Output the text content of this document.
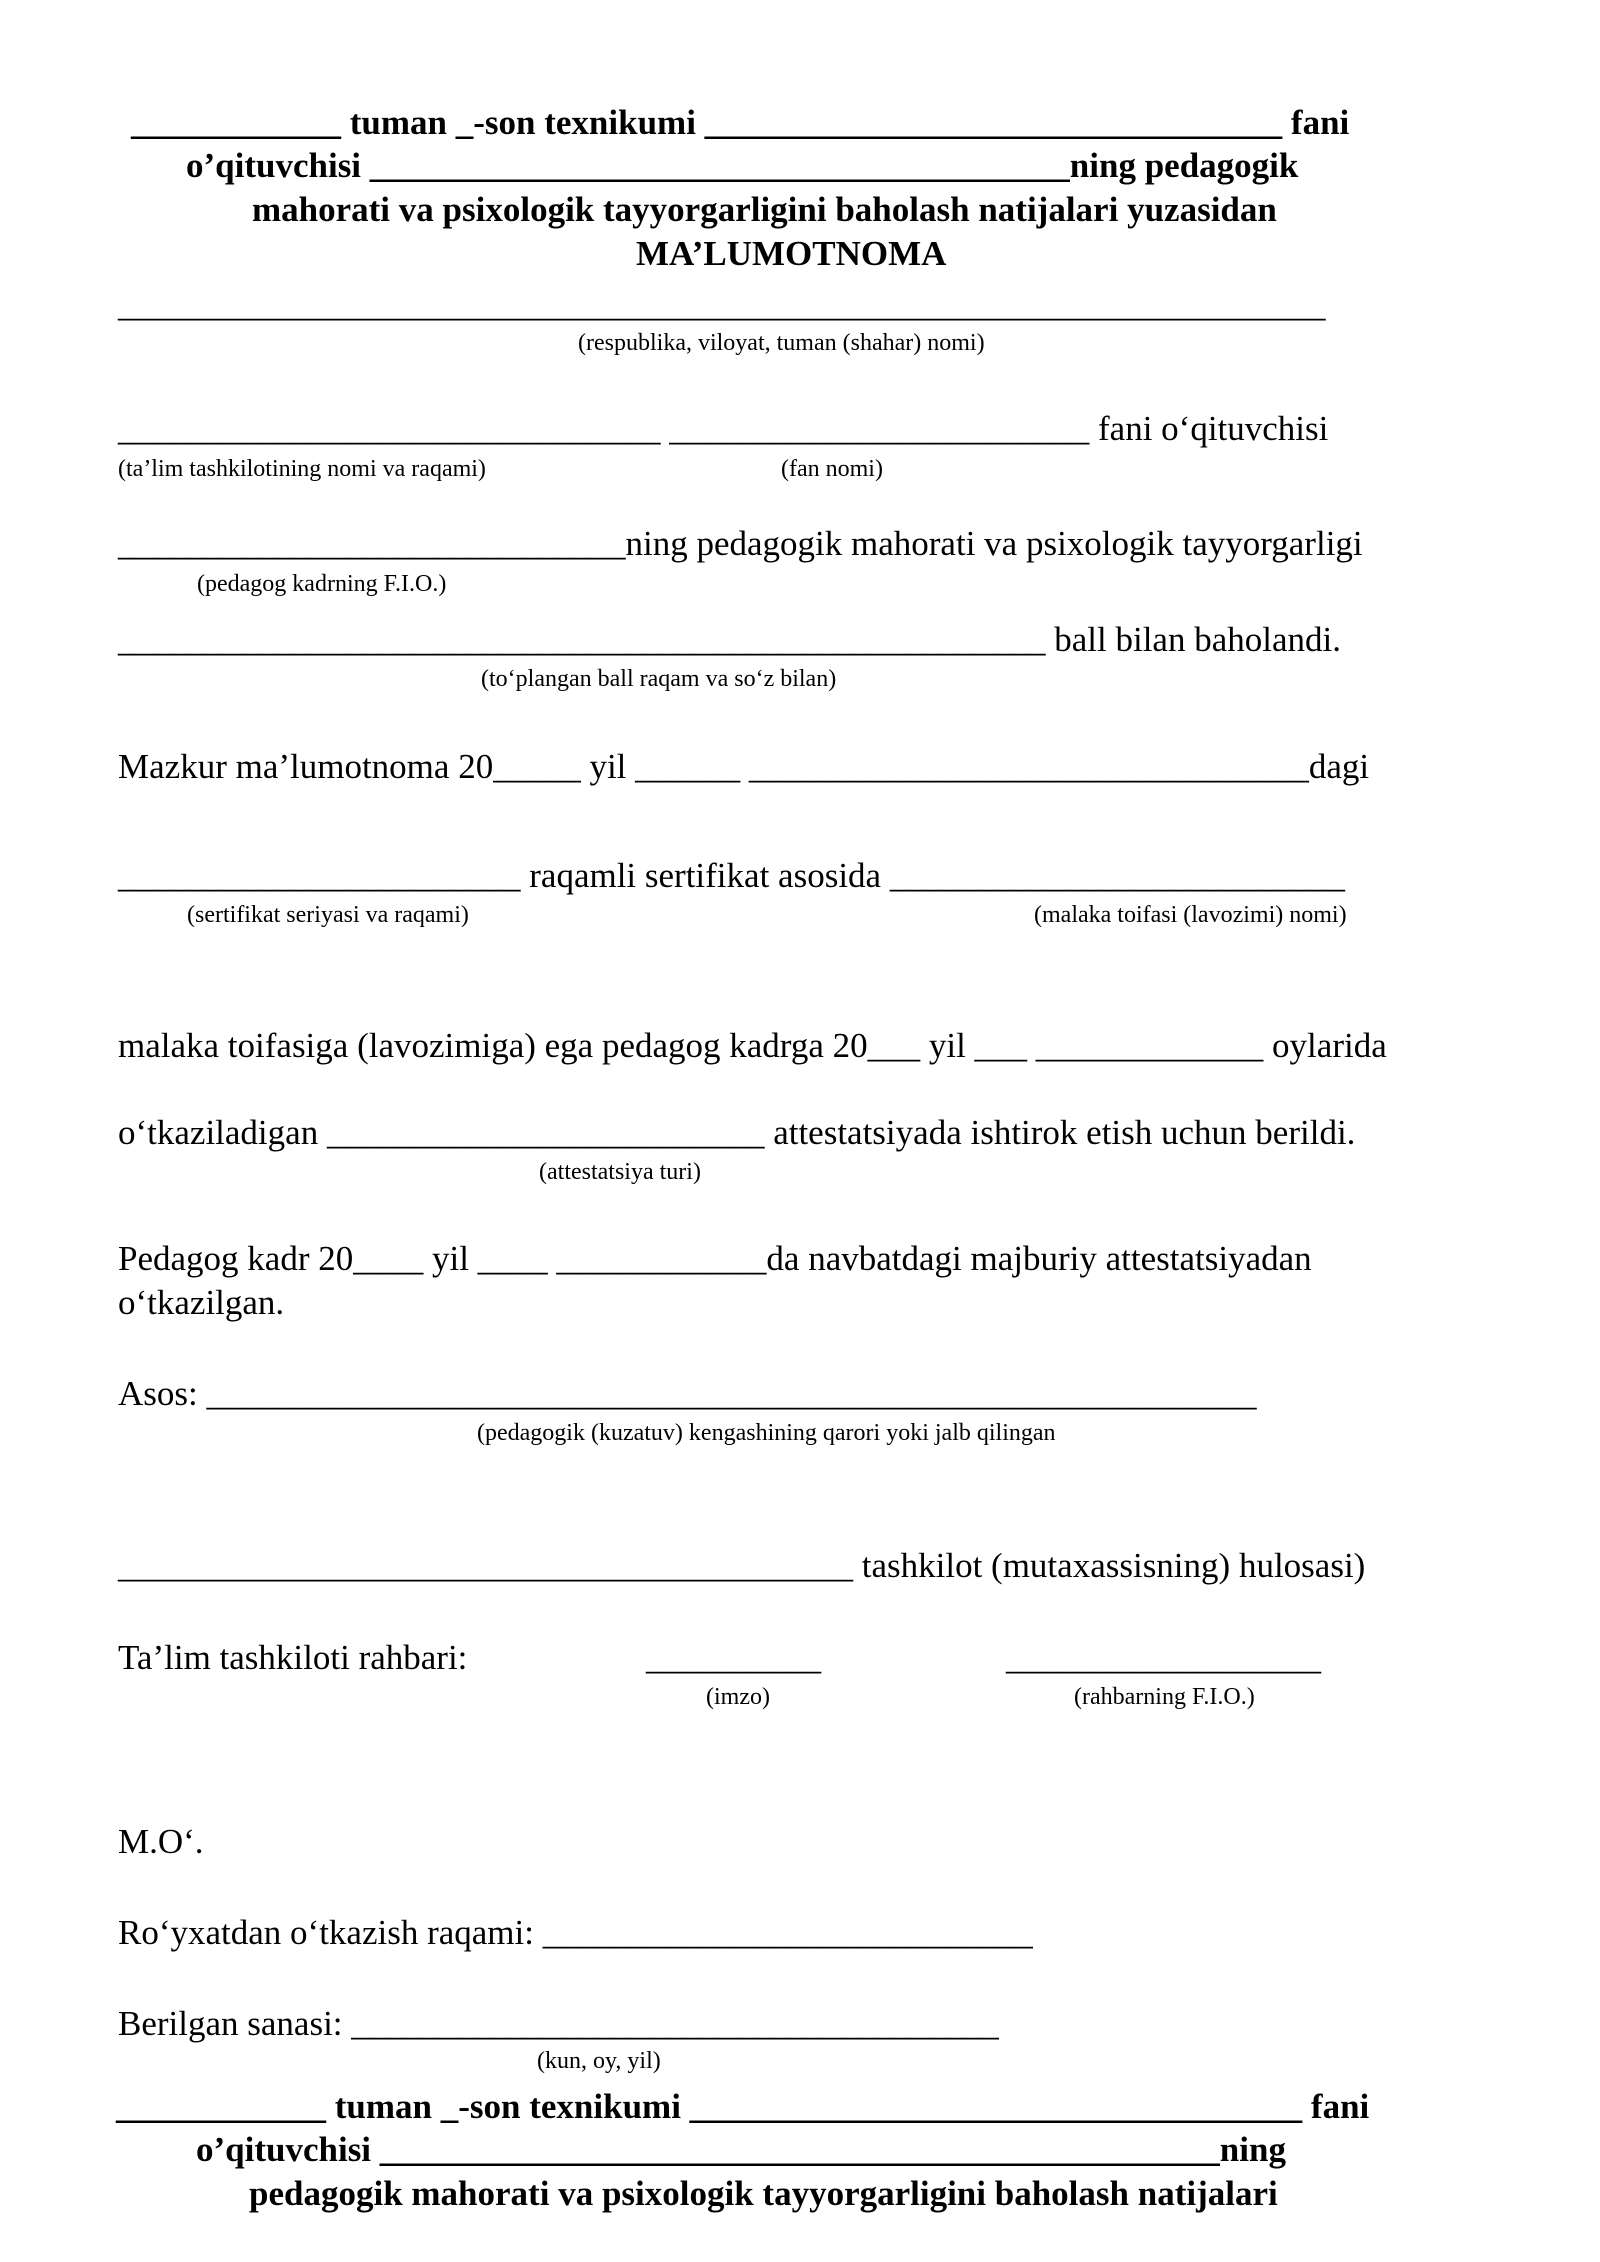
____________ tuman _-son texnikumi _________________________________ fani
o’qituvchisi ________________________________________ning pedagogik
mahorati va psixologik tayyorgarligini baholash natijalari yuzasidan
MA’LUMOTNOMA
_____________________________________________________________________
(respublika, viloyat, tuman (shahar) nomi)
_______________________________ ________________________ fani o‘qituvchisi
(ta’lim tashkilotining nomi va raqami)	(fan nomi)
_____________________________ning pedagogik mahorati va psixologik tayyorgarligi
(pedagog kadrning F.I.O.)
_____________________________________________________ ball bilan baholandi.
(to‘plangan ball raqam va so‘z bilan)
Mazkur ma’lumotnoma 20_____ yil ______ ________________________________dagi
_______________________ raqamli sertifikat asosida __________________________
(sertifikat seriyasi va raqami)	(malaka toifasi (lavozimi) nomi)
malaka toifasiga (lavozimiga) ega pedagog kadrga 20___ yil ___ _____________ oylarida
o‘tkaziladigan _________________________ attestatsiyada ishtirok etish uchun berildi.
(attestatsiya turi)
Pedagog kadr 20____ yil ____ ____________da navbatdagi majburiy attestatsiyadan
o‘tkazilgan.
Asos: ____________________________________________________________
(pedagogik (kuzatuv) kengashining qarori yoki jalb qilingan
__________________________________________ tashkilot (mutaxassisning) hulosasi)
Ta’lim tashkiloti rahbari:	__________	__________________
(imzo)	(rahbarning F.I.O.)
M.O‘.
Ro‘yxatdan o‘tkazish raqami: ____________________________
Berilgan sanasi: _____________________________________
(kun, oy, yil)
____________ tuman _-son texnikumi ___________________________________ fani
o’qituvchisi ________________________________________________ning
pedagogik mahorati va psixologik tayyorgarligini baholash natijalari
